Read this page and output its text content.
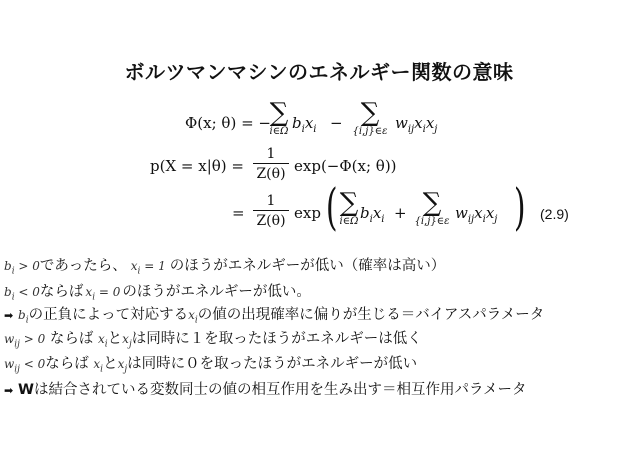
ボルツマンマシンのエネルギー関数の意味
Φ(x; θ) = −
∑
i∈Ω $b_ix_i$ − ∑
{i,j}∈ε $w_{ij}x_ix_j$
p(X = x|θ) =
1
Z(θ) exp(−Φ(x; θ))
=
1
Z(θ) exp ( ∑
i∈Ω $b_ix_i$ + ∑
{i,j}∈ε $w_{ij}x_ix_j$ ) (2.9)
$b_i > 0$であったら、 $x_i = 1$ のほうがエネルギーが低い（確率は高い）
$b_i < 0$ならば $x_i = 0$ のほうがエネルギーが低い。
➡ $b_i$の正負によって対応する$x_i$の値の出現確率に偏りが生じる＝バイアスパラメータ
$w_{ij} > 0$ ならば $x_i$と$x_j$は同時に１を取ったほうがエネルギーは低く
$w_{ij} < 0$ならば $x_i$と$x_j$は同時に０を取ったほうがエネルギーが低い
➡ Wは結合されている変数同士の値の相互作用を生み出す＝相互作用パラメータ
